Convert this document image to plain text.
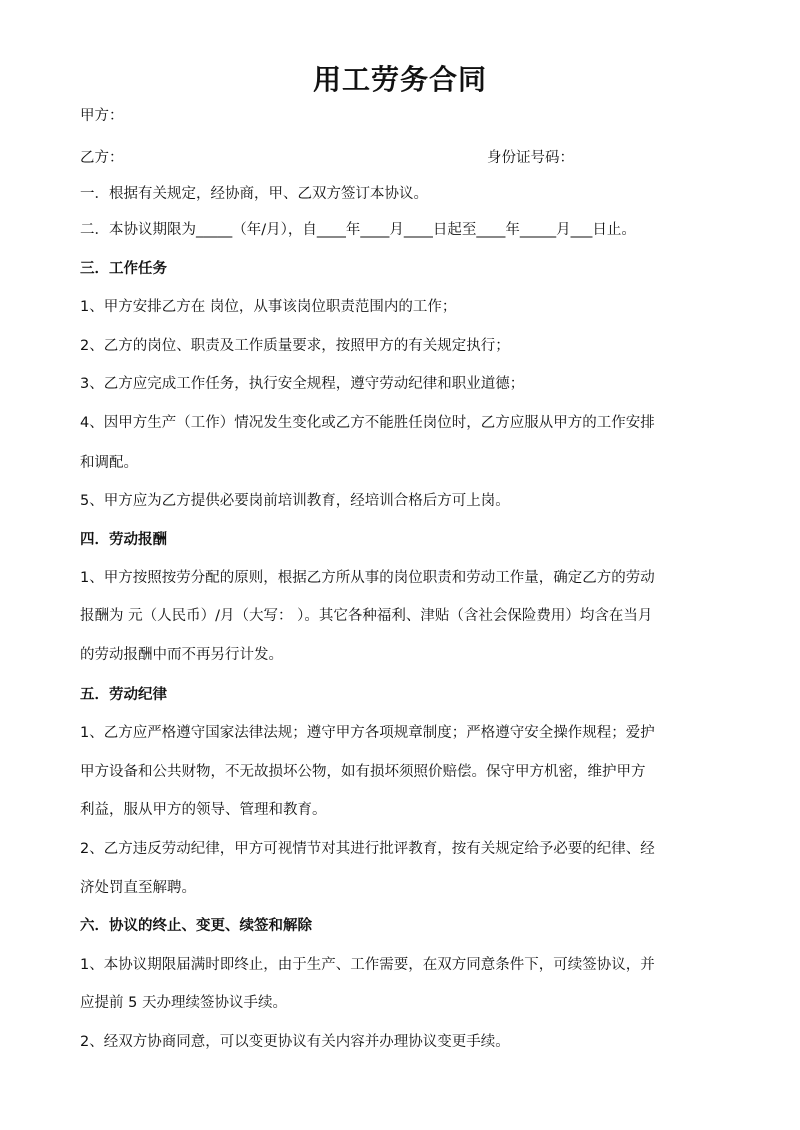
用工劳务合同

甲方：

乙方：	身份证号码：

一．根据有关规定，经协商，甲、乙双方签订本协议。

二．本协议期限为_____（年/月），自____年____月____日起至____年_____月___日止。

三．工作任务

1、甲方安排乙方在 岗位，从事该岗位职责范围内的工作；

2、乙方的岗位、职责及工作质量要求，按照甲方的有关规定执行；

3、乙方应完成工作任务，执行安全规程，遵守劳动纪律和职业道德；

4、因甲方生产（工作）情况发生变化或乙方不能胜任岗位时，乙方应服从甲方的工作安排

和调配。

5、甲方应为乙方提供必要岗前培训教育，经培训合格后方可上岗。

四．劳动报酬

1、甲方按照按劳分配的原则，根据乙方所从事的岗位职责和劳动工作量，确定乙方的劳动

报酬为 元（人民币）/月（大写： ）。其它各种福利、津贴（含社会保险费用）均含在当月

的劳动报酬中而不再另行计发。

五．劳动纪律

1、乙方应严格遵守国家法律法规；遵守甲方各项规章制度；严格遵守安全操作规程；爱护

甲方设备和公共财物，不无故损坏公物，如有损坏须照价赔偿。保守甲方机密，维护甲方

利益，服从甲方的领导、管理和教育。

2、乙方违反劳动纪律，甲方可视情节对其进行批评教育，按有关规定给予必要的纪律、经

济处罚直至解聘。

六．协议的终止、变更、续签和解除

1、本协议期限届满时即终止，由于生产、工作需要，在双方同意条件下，可续签协议，并

应提前 5 天办理续签协议手续。

2、经双方协商同意，可以变更协议有关内容并办理协议变更手续。
